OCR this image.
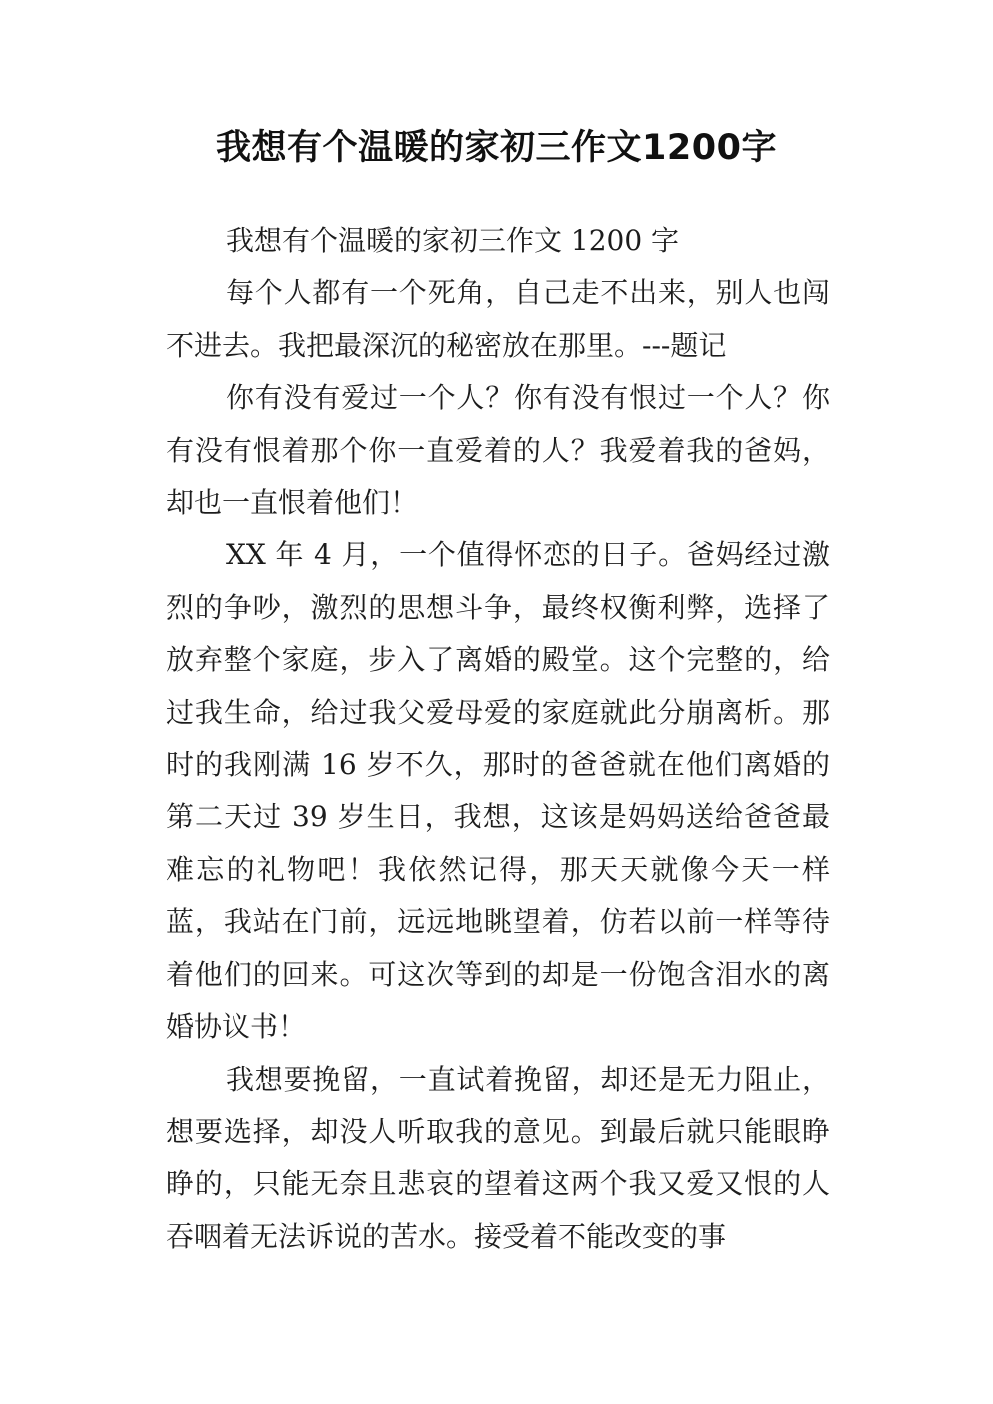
我想有个温暖的家初三作文1200字

我想有个温暖的家初三作文 1200 字

每个人都有一个死角，自己走不出来，别人也闯不进去。我把最深沉的秘密放在那里。---题记

你有没有爱过一个人？你有没有恨过一个人？你有没有恨着那个你一直爱着的人？我爱着我的爸妈，却也一直恨着他们！

XX 年 4 月，一个值得怀恋的日子。爸妈经过激烈的争吵，激烈的思想斗争，最终权衡利弊，选择了放弃整个家庭，步入了离婚的殿堂。这个完整的，给过我生命，给过我父爱母爱的家庭就此分崩离析。那时的我刚满 16 岁不久，那时的爸爸就在他们离婚的第二天过 39 岁生日，我想，这该是妈妈送给爸爸最难忘的礼物吧！我依然记得，那天天就像今天一样蓝，我站在门前，远远地眺望着，仿若以前一样等待着他们的回来。可这次等到的却是一份饱含泪水的离婚协议书！

我想要挽留，一直试着挽留，却还是无力阻止，想要选择，却没人听取我的意见。到最后就只能眼睁睁的，只能无奈且悲哀的望着这两个我又爱又恨的人吞咽着无法诉说的苦水。接受着不能改变的事
